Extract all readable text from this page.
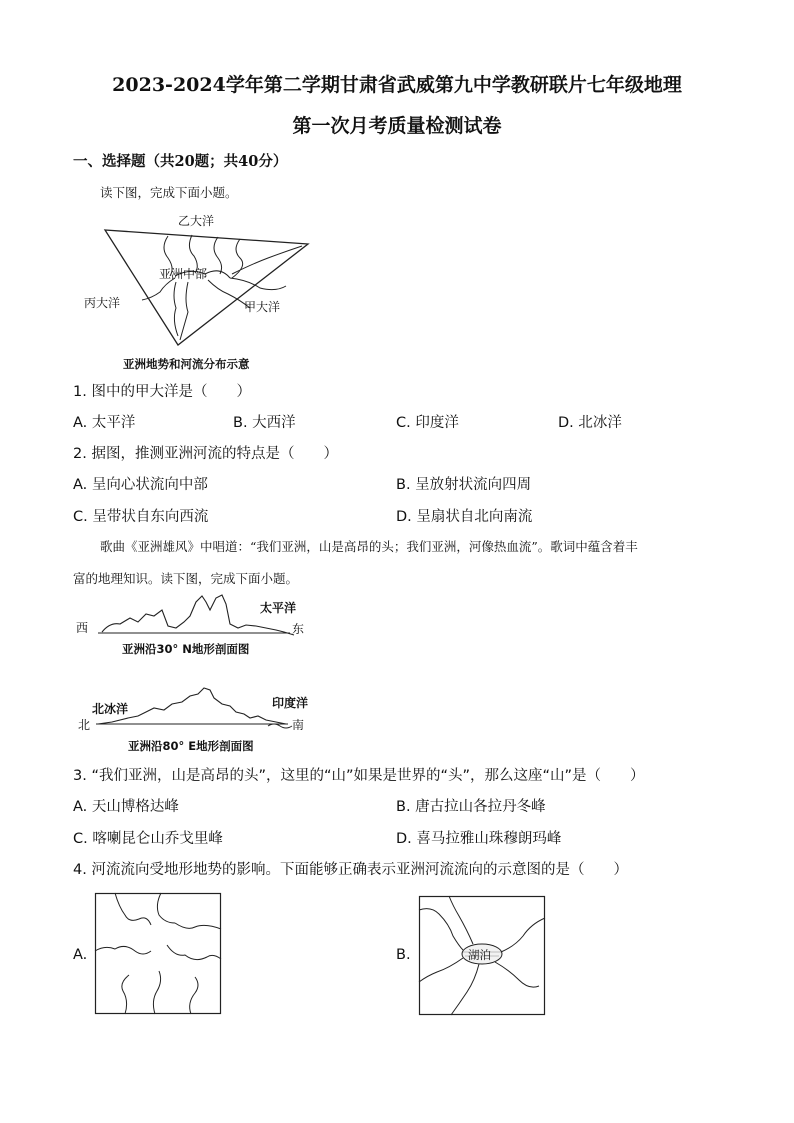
2023-2024学年第二学期甘肃省武威第九中学教研联片七年级地理
第一次月考质量检测试卷
一、选择题（共20题；共40分）
读下图，完成下面小题。
乙大洋
亚洲中部
丙大洋	甲大洋
亚洲地势和河流分布示意
1. 图中的甲大洋是（　　）
A. 太平洋	B. 大西洋	C. 印度洋	D. 北冰洋
2. 据图，推测亚洲河流的特点是（　　）
A. 呈向心状流向中部	B. 呈放射状流向四周
C. 呈带状自东向西流	D. 呈扇状自北向南流
歌曲《亚洲雄风》中唱道：“我们亚洲，山是高昂的头；我们亚洲，河像热血流”。歌词中蕴含着丰
富的地理知识。读下图，完成下面小题。
西	东
太平洋
亚洲沿30° N地形剖面图
北	南
北冰洋	印度洋
亚洲沿80° E地形剖面图
3. “我们亚洲，山是高昂的头”，这里的“山”如果是世界的“头”，那么这座“山”是（　　）
A. 天山博格达峰	B. 唐古拉山各拉丹冬峰
C. 喀喇昆仑山乔戈里峰	D. 喜马拉雅山珠穆朗玛峰
4. 河流流向受地形地势的影响。下面能够正确表示亚洲河流流向的示意图的是（　　）
A.	B.	湖泊
